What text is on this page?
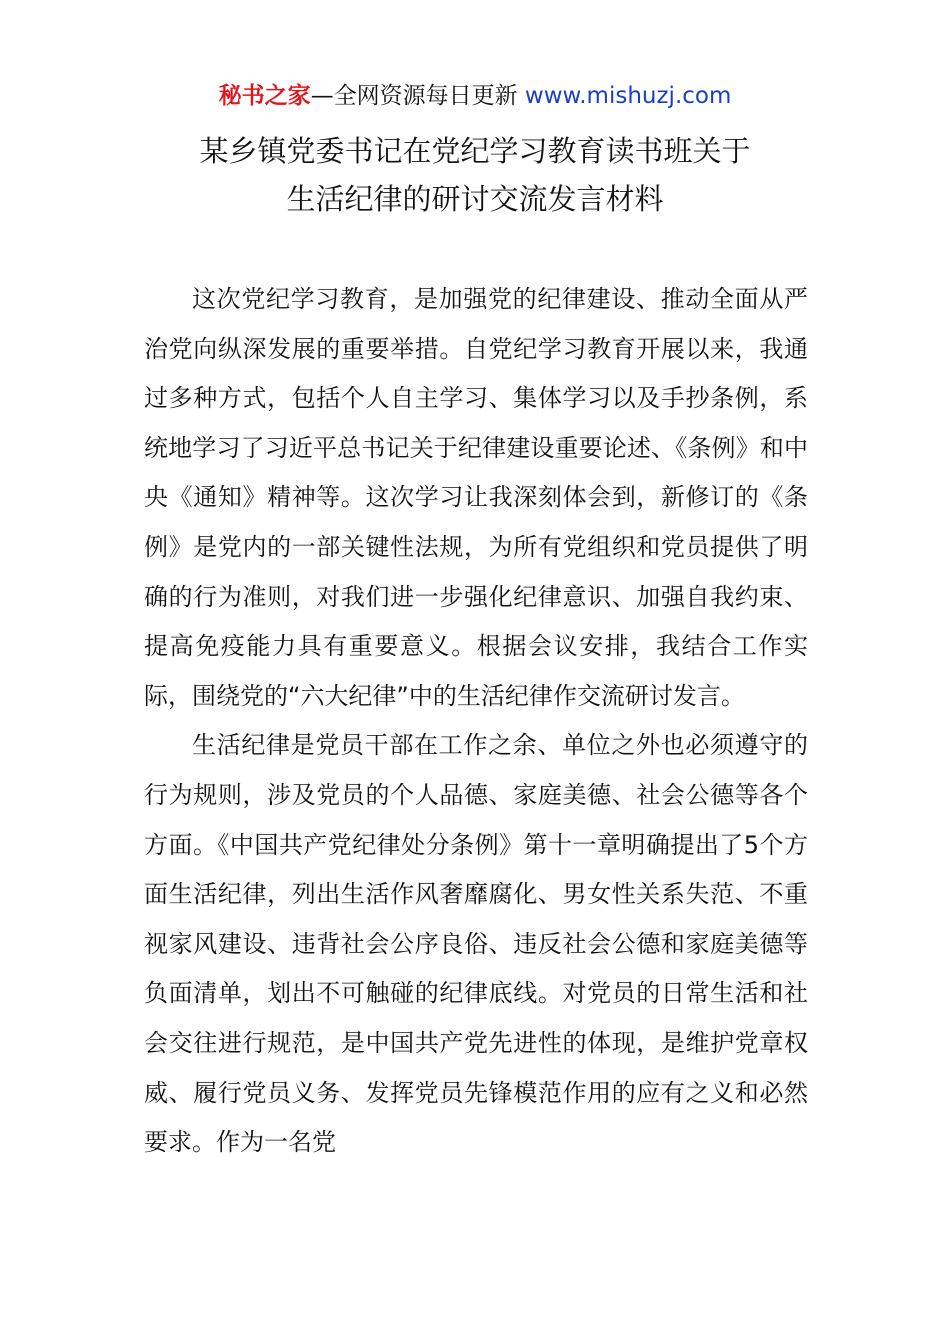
秘书之家—全网资源每日更新 www.mishuzj.com
某乡镇党委书记在党纪学习教育读书班关于
生活纪律的研讨交流发言材料

这次党纪学习教育，是加强党的纪律建设、推动全面从严治党向纵深发展的重要举措。自党纪学习教育开展以来，我通过多种方式，包括个人自主学习、集体学习以及手抄条例，系统地学习了习近平总书记关于纪律建设重要论述、《条例》和中央《通知》精神等。这次学习让我深刻体会到，新修订的《条例》是党内的一部关键性法规，为所有党组织和党员提供了明确的行为准则，对我们进一步强化纪律意识、加强自我约束、提高免疫能力具有重要意义。根据会议安排，我结合工作实际，围绕党的“六大纪律”中的生活纪律作交流研讨发言。

生活纪律是党员干部在工作之余、单位之外也必须遵守的行为规则，涉及党员的个人品德、家庭美德、社会公德等各个方面。《中国共产党纪律处分条例》第十一章明确提出了5个方面生活纪律，列出生活作风奢靡腐化、男女性关系失范、不重视家风建设、违背社会公序良俗、违反社会公德和家庭美德等负面清单，划出不可触碰的纪律底线。对党员的日常生活和社会交往进行规范，是中国共产党先进性的体现，是维护党章权威、履行党员义务、发挥党员先锋模范作用的应有之义和必然要求。作为一名党
